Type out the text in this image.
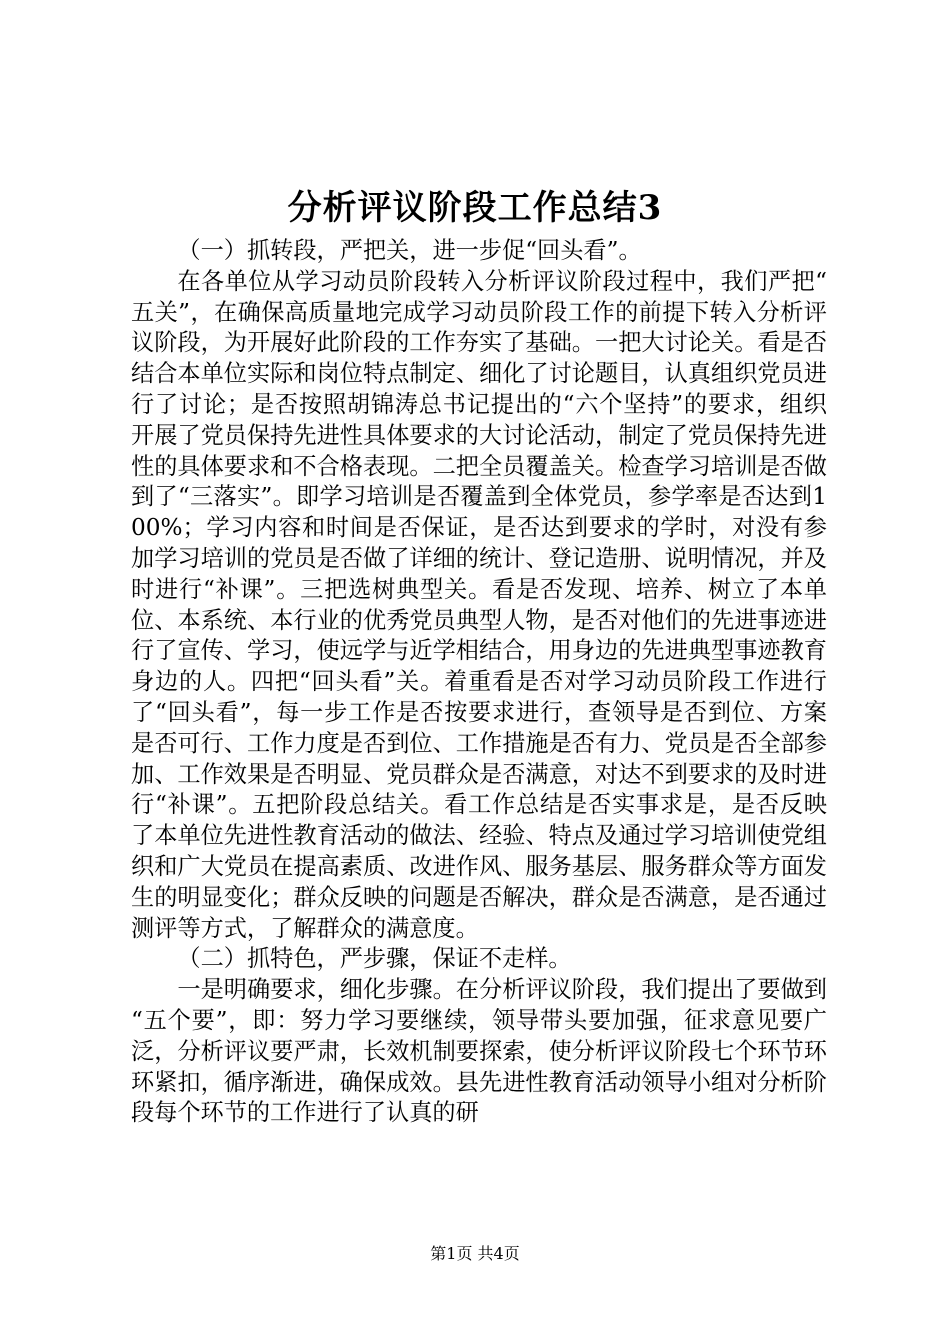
分析评议阶段工作总结3

（一）抓转段，严把关，进一步促“回头看”。

在各单位从学习动员阶段转入分析评议阶段过程中，我们严把“五关”，在确保高质量地完成学习动员阶段工作的前提下转入分析评议阶段，为开展好此阶段的工作夯实了基础。一把大讨论关。看是否结合本单位实际和岗位特点制定、细化了讨论题目，认真组织党员进行了讨论；是否按照胡锦涛总书记提出的“六个坚持”的要求，组织开展了党员保持先进性具体要求的大讨论活动，制定了党员保持先进性的具体要求和不合格表现。二把全员覆盖关。检查学习培训是否做到了“三落实”。即学习培训是否覆盖到全体党员，参学率是否达到100%；学习内容和时间是否保证，是否达到要求的学时，对没有参加学习培训的党员是否做了详细的统计、登记造册、说明情况，并及时进行“补课”。三把选树典型关。看是否发现、培养、树立了本单位、本系统、本行业的优秀党员典型人物，是否对他们的先进事迹进行了宣传、学习，使远学与近学相结合，用身边的先进典型事迹教育身边的人。四把“回头看”关。着重看是否对学习动员阶段工作进行了“回头看”，每一步工作是否按要求进行，查领导是否到位、方案是否可行、工作力度是否到位、工作措施是否有力、党员是否全部参加、工作效果是否明显、党员群众是否满意，对达不到要求的及时进行“补课”。五把阶段总结关。看工作总结是否实事求是，是否反映了本单位先进性教育活动的做法、经验、特点及通过学习培训使党组织和广大党员在提高素质、改进作风、服务基层、服务群众等方面发生的明显变化；群众反映的问题是否解决，群众是否满意，是否通过测评等方式，了解群众的满意度。

（二）抓特色，严步骤，保证不走样。

一是明确要求，细化步骤。在分析评议阶段，我们提出了要做到“五个要”，即：努力学习要继续，领导带头要加强，征求意见要广泛，分析评议要严肃，长效机制要探索，使分析评议阶段七个环节环环紧扣，循序渐进，确保成效。县先进性教育活动领导小组对分析阶段每个环节的工作进行了认真的研

第1页 共4页
